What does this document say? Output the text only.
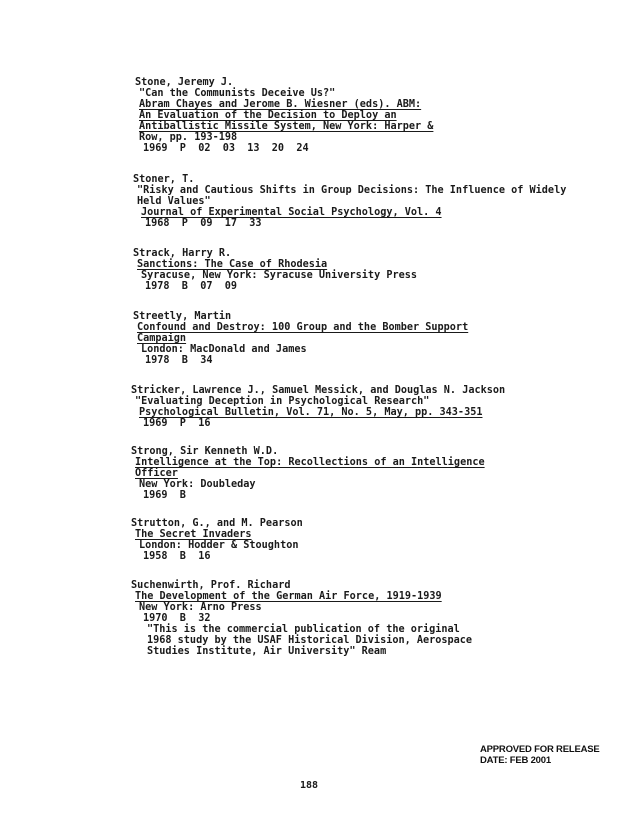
Stone, Jeremy J.
"Can the Communists Deceive Us?"
Abram Chayes and Jerome B. Wiesner (eds). ABM:
An Evaluation of the Decision to Deploy an
Antiballistic Missile System, New York: Harper &
Row, pp. 193-198
1969  P  02  03  13  20  24
Stoner, T.
"Risky and Cautious Shifts in Group Decisions: The Influence of Widely
Held Values"
Journal of Experimental Social Psychology, Vol. 4
1968  P  09  17  33
Strack, Harry R.
Sanctions: The Case of Rhodesia
Syracuse, New York: Syracuse University Press
1978  B  07  09
Streetly, Martin
Confound and Destroy: 100 Group and the Bomber Support
Campaign
London: MacDonald and James
1978  B  34
Stricker, Lawrence J., Samuel Messick, and Douglas N. Jackson
"Evaluating Deception in Psychological Research"
Psychological Bulletin, Vol. 71, No. 5, May, pp. 343-351
1969  P  16
Strong, Sir Kenneth W.D.
Intelligence at the Top: Recollections of an Intelligence
Officer
New York: Doubleday
1969  B
Strutton, G., and M. Pearson
The Secret Invaders
London: Hodder & Stoughton
1958  B  16
Suchenwirth, Prof. Richard
The Development of the German Air Force, 1919-1939
New York: Arno Press
1970  B  32
"This is the commercial publication of the original
1968 study by the USAF Historical Division, Aerospace
Studies Institute, Air University" Ream
APPROVED FOR RELEASE
DATE: FEB 2001
188
